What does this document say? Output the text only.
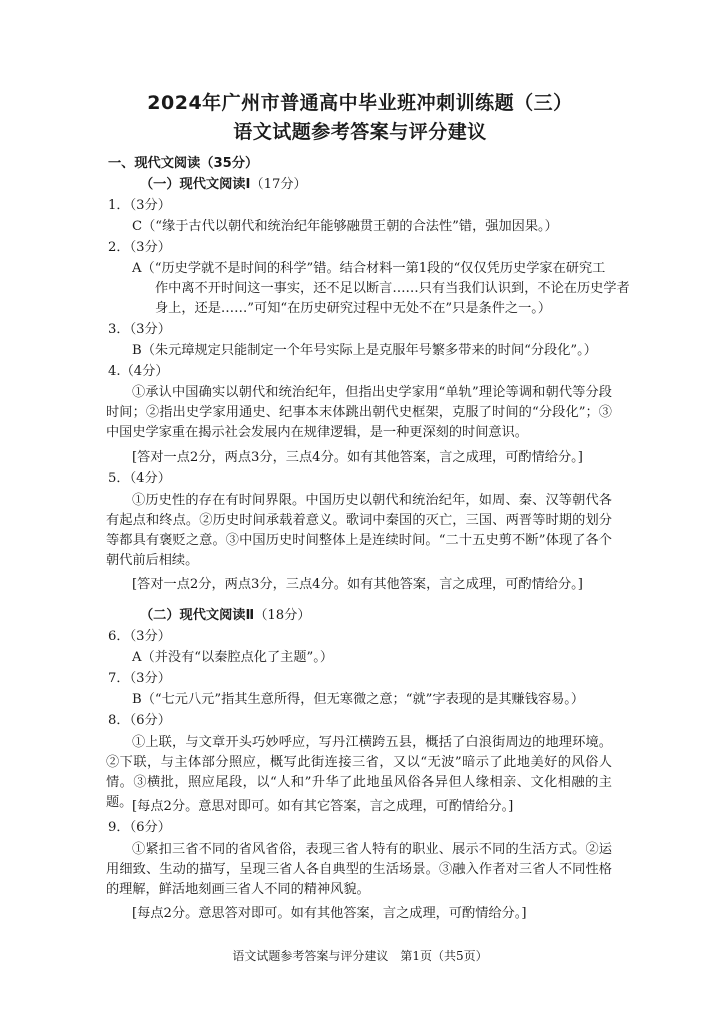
2024年广州市普通高中毕业班冲刺训练题（三）
语文试题参考答案与评分建议

一、现代文阅读（35分）

（一）现代文阅读Ⅰ（17分）

1．（3分）

C（“缘于古代以朝代和统治纪年能够融贯王朝的合法性”错，强加因果。）

2．（3分）

A（“历史学就不是时间的科学”错。结合材料一第1段的“仅仅凭历史学家在研究工

作中离不开时间这一事实，还不足以断言……只有当我们认识到，不论在历史学者

身上，还是……”可知“在历史研究过程中无处不在”只是条件之一。）

3．（3分）

B（朱元璋规定只能制定一个年号实际上是克服年号繁多带来的时间“分段化”。）

4.（4分）

①承认中国确实以朝代和统治纪年，但指出史学家用“单轨”理论等调和朝代等分段时间；②指出史学家用通史、纪事本末体跳出朝代史框架，克服了时间的“分段化”；③中国史学家重在揭示社会发展内在规律逻辑，是一种更深刻的时间意识。

[答对一点2分，两点3分，三点4分。如有其他答案，言之成理，可酌情给分。]

5．（4分）

①历史性的存在有时间界限。中国历史以朝代和统治纪年，如周、秦、汉等朝代各有起点和终点。②历史时间承载着意义。歌词中秦国的灭亡，三国、两晋等时期的划分等都具有褒贬之意。③中国历史时间整体上是连续时间。“二十五史剪不断”体现了各个朝代前后相续。

[答对一点2分，两点3分，三点4分。如有其他答案，言之成理，可酌情给分。]

（二）现代文阅读Ⅱ（18分）

6．（3分）

A（并没有“以秦腔点化了主题”。）

7．（3分）

B（“七元八元”指其生意所得，但无寒微之意；“就”字表现的是其赚钱容易。）

8．（6分）

①上联，与文章开头巧妙呼应，写丹江横跨五县，概括了白浪街周边的地理环境。②下联，与主体部分照应，概写此街连接三省，又以“无波”暗示了此地美好的风俗人情。③横批，照应尾段，以“人和”升华了此地虽风俗各异但人缘相亲、文化相融的主题。 [每点2分。意思对即可。如有其它答案，言之成理，可酌情给分。]

9．（6分）

①紧扣三省不同的省风省俗，表现三省人特有的职业、展示不同的生活方式。②运用细致、生动的描写，呈现三省人各自典型的生活场景。③融入作者对三省人不同性格的理解，鲜活地刻画三省人不同的精神风貌。

[每点2分。意思答对即可。如有其他答案，言之成理，可酌情给分。]

语文试题参考答案与评分建议　第1页（共5页）
